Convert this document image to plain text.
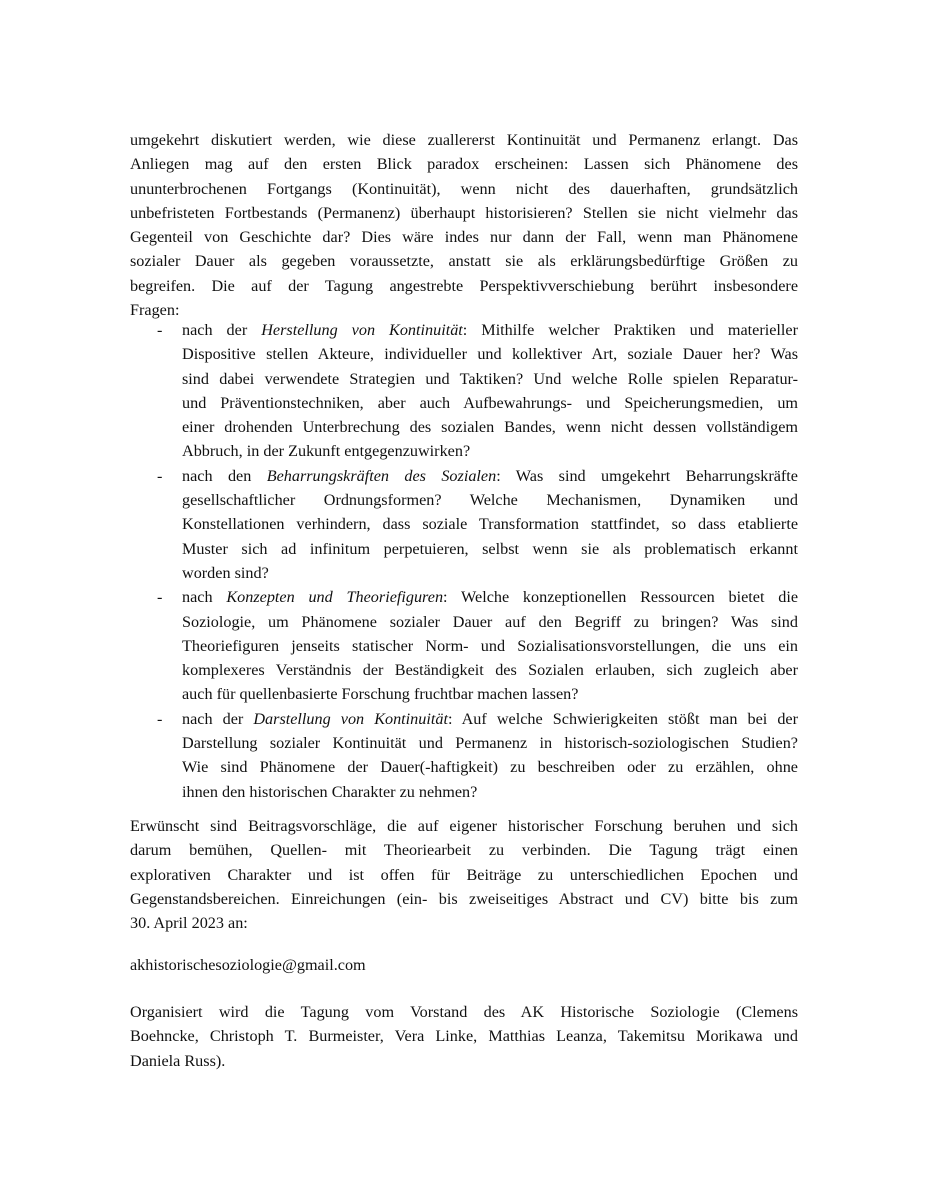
umgekehrt diskutiert werden, wie diese zuallererst Kontinuität und Permanenz erlangt. Das
Anliegen mag auf den ersten Blick paradox erscheinen: Lassen sich Phänomene des
ununterbrochenen Fortgangs (Kontinuität), wenn nicht des dauerhaften, grundsätzlich
unbefristeten Fortbestands (Permanenz) überhaupt historisieren? Stellen sie nicht vielmehr das
Gegenteil von Geschichte dar? Dies wäre indes nur dann der Fall, wenn man Phänomene
sozialer Dauer als gegeben voraussetzte, anstatt sie als erklärungsbedürftige Größen zu
begreifen. Die auf der Tagung angestrebte Perspektivverschiebung berührt insbesondere
Fragen:
- nach der Herstellung von Kontinuität: Mithilfe welcher Praktiken und materieller
Dispositive stellen Akteure, individueller und kollektiver Art, soziale Dauer her? Was
sind dabei verwendete Strategien und Taktiken? Und welche Rolle spielen Reparatur-
und Präventionstechniken, aber auch Aufbewahrungs- und Speicherungsmedien, um
einer drohenden Unterbrechung des sozialen Bandes, wenn nicht dessen vollständigem
Abbruch, in der Zukunft entgegenzuwirken?
- nach den Beharrungskräften des Sozialen: Was sind umgekehrt Beharrungskräfte
gesellschaftlicher Ordnungsformen? Welche Mechanismen, Dynamiken und
Konstellationen verhindern, dass soziale Transformation stattfindet, so dass etablierte
Muster sich ad infinitum perpetuieren, selbst wenn sie als problematisch erkannt
worden sind?
- nach Konzepten und Theoriefiguren: Welche konzeptionellen Ressourcen bietet die
Soziologie, um Phänomene sozialer Dauer auf den Begriff zu bringen? Was sind
Theoriefiguren jenseits statischer Norm- und Sozialisationsvorstellungen, die uns ein
komplexeres Verständnis der Beständigkeit des Sozialen erlauben, sich zugleich aber
auch für quellenbasierte Forschung fruchtbar machen lassen?
- nach der Darstellung von Kontinuität: Auf welche Schwierigkeiten stößt man bei der
Darstellung sozialer Kontinuität und Permanenz in historisch-soziologischen Studien?
Wie sind Phänomene der Dauer(-haftigkeit) zu beschreiben oder zu erzählen, ohne
ihnen den historischen Charakter zu nehmen?
Erwünscht sind Beitragsvorschläge, die auf eigener historischer Forschung beruhen und sich
darum bemühen, Quellen- mit Theoriearbeit zu verbinden. Die Tagung trägt einen
explorativen Charakter und ist offen für Beiträge zu unterschiedlichen Epochen und
Gegenstandsbereichen. Einreichungen (ein- bis zweiseitiges Abstract und CV) bitte bis zum
30. April 2023 an:
akhistorischesoziologie@gmail.com
Organisiert wird die Tagung vom Vorstand des AK Historische Soziologie (Clemens
Boehncke, Christoph T. Burmeister, Vera Linke, Matthias Leanza, Takemitsu Morikawa und
Daniela Russ).
